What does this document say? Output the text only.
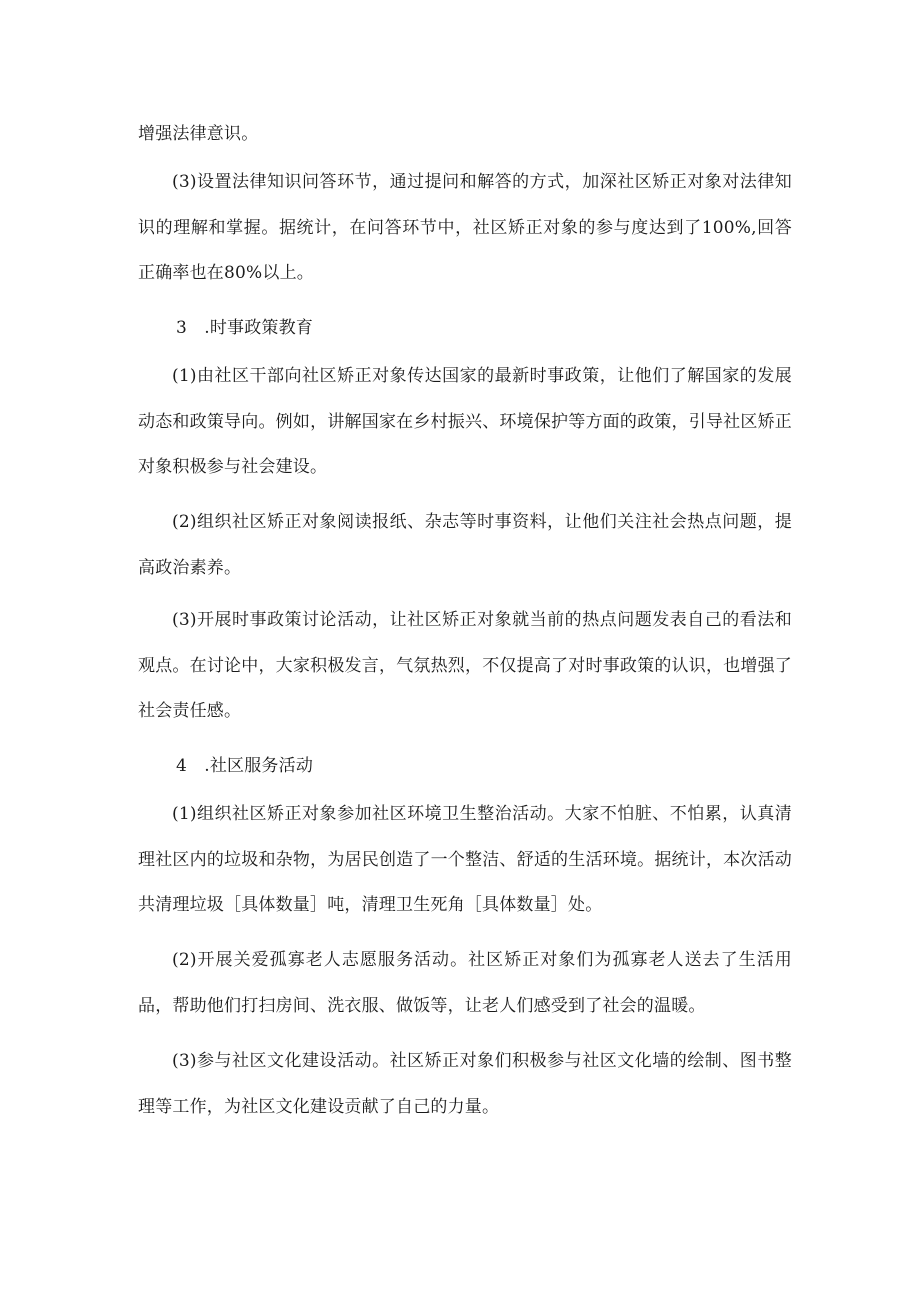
增强法律意识。

(3)设置法律知识问答环节，通过提问和解答的方式，加深社区矫正对象对法律知识的理解和掌握。据统计，在问答环节中，社区矫正对象的参与度达到了100%,回答正确率也在80%以上。

3　.时事政策教育

(1)由社区干部向社区矫正对象传达国家的最新时事政策，让他们了解国家的发展动态和政策导向。例如，讲解国家在乡村振兴、环境保护等方面的政策，引导社区矫正对象积极参与社会建设。

(2)组织社区矫正对象阅读报纸、杂志等时事资料，让他们关注社会热点问题，提高政治素养。

(3)开展时事政策讨论活动，让社区矫正对象就当前的热点问题发表自己的看法和观点。在讨论中，大家积极发言，气氛热烈，不仅提高了对时事政策的认识，也增强了社会责任感。

4　.社区服务活动

(1)组织社区矫正对象参加社区环境卫生整治活动。大家不怕脏、不怕累，认真清理社区内的垃圾和杂物，为居民创造了一个整洁、舒适的生活环境。据统计，本次活动共清理垃圾［具体数量］吨，清理卫生死角［具体数量］处。

(2)开展关爱孤寡老人志愿服务活动。社区矫正对象们为孤寡老人送去了生活用品，帮助他们打扫房间、洗衣服、做饭等，让老人们感受到了社会的温暖。

(3)参与社区文化建设活动。社区矫正对象们积极参与社区文化墙的绘制、图书整理等工作，为社区文化建设贡献了自己的力量。
